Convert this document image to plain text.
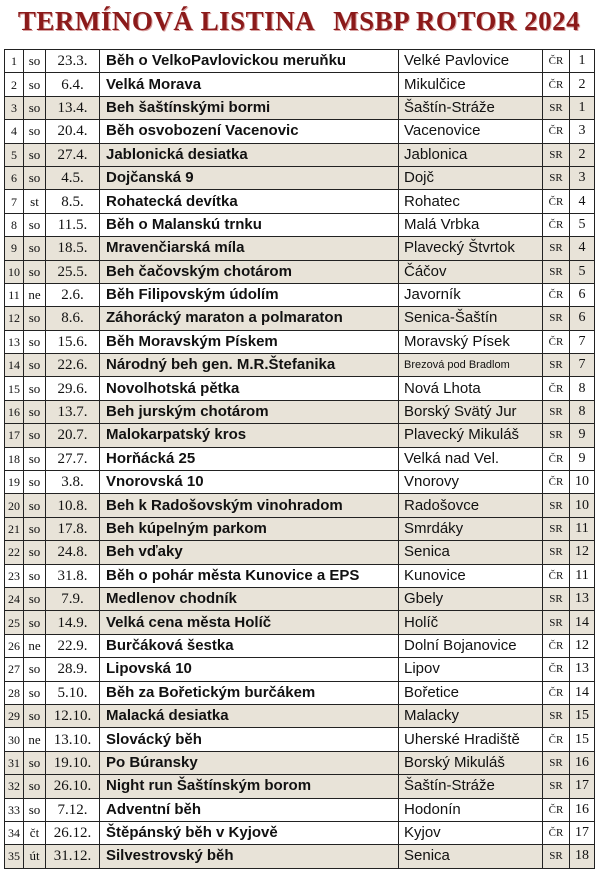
TERMÍNOVÁ LISTINA MSBP ROTOR 2024
1	so	23.3.	Běh o VelkoPavlovickou meruňku	Velké Pavlovice	ČR	1
2	so	6.4.	Velká Morava	Mikulčice	ČR	2
3	so	13.4.	Beh šaštínskými bormi	Šaštín-Stráže	SR	1
4	so	20.4.	Běh osvobození Vacenovic	Vacenovice	ČR	3
5	so	27.4.	Jablonická desiatka	Jablonica	SR	2
6	so	4.5.	Dojčanská 9	Dojč	SR	3
7	st	8.5.	Rohatecká devítka	Rohatec	ČR	4
8	so	11.5.	Běh o Malanskú trnku	Malá Vrbka	ČR	5
9	so	18.5.	Mravenčiarská míla	Plavecký Štvrtok	SR	4
10	so	25.5.	Beh čačovským chotárom	Čáčov	SR	5
11	ne	2.6.	Běh Filipovským údolím	Javorník	ČR	6
12	so	8.6.	Záhorácký maraton a polmaraton	Senica-Šaštín	SR	6
13	so	15.6.	Běh Moravským Pískem	Moravský Písek	ČR	7
14	so	22.6.	Národný beh gen. M.R.Štefanika	Brezová pod Bradlom	SR	7
15	so	29.6.	Novolhotská pětka	Nová Lhota	ČR	8
16	so	13.7.	Beh jurským chotárom	Borský Svätý Jur	SR	8
17	so	20.7.	Malokarpatský kros	Plavecký Mikuláš	SR	9
18	so	27.7.	Horňácká 25	Velká nad Vel.	ČR	9
19	so	3.8.	Vnorovská 10	Vnorovy	ČR	10
20	so	10.8.	Beh k Radošovským vinohradom	Radošovce	SR	10
21	so	17.8.	Beh kúpelným parkom	Smrdáky	SR	11
22	so	24.8.	Beh vďaky	Senica	SR	12
23	so	31.8.	Běh o pohár města Kunovice a EPS	Kunovice	ČR	11
24	so	7.9.	Medlenov chodník	Gbely	SR	13
25	so	14.9.	Velká cena města Holíč	Holíč	SR	14
26	ne	22.9.	Burčáková šestka	Dolní Bojanovice	ČR	12
27	so	28.9.	Lipovská 10	Lipov	ČR	13
28	so	5.10.	Běh za Bořetickým burčákem	Bořetice	ČR	14
29	so	12.10.	Malacká desiatka	Malacky	SR	15
30	ne	13.10.	Slovácký běh	Uherské Hradiště	ČR	15
31	so	19.10.	Po Búransky	Borský Mikuláš	SR	16
32	so	26.10.	Night run Šaštínským borom	Šaštín-Stráže	SR	17
33	so	7.12.	Adventní běh	Hodonín	ČR	16
34	čt	26.12.	Štěpánský běh v Kyjově	Kyjov	ČR	17
35	út	31.12.	Silvestrovský běh	Senica	SR	18
